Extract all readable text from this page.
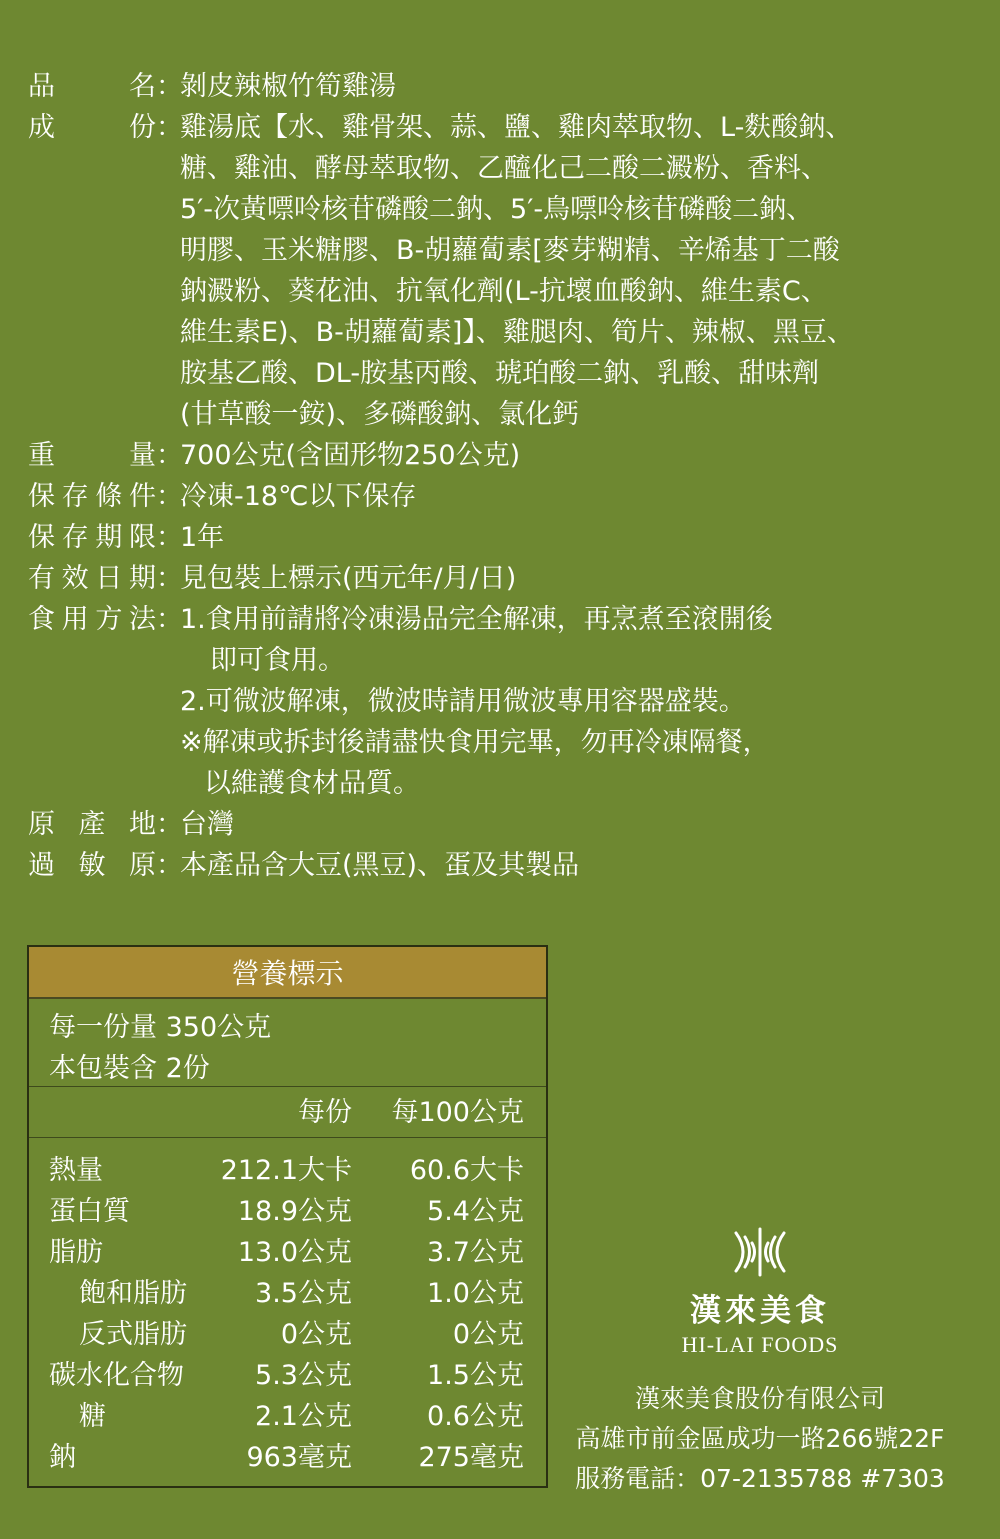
品	名 ：
剝皮辣椒竹筍雞湯
成	份 ：
雞湯底【水、雞骨架、蒜、鹽、雞肉萃取物、L-麩酸鈉、
糖、雞油、酵母萃取物、乙醯化己二酸二澱粉、香料、
5′-次黃嘌呤核苷磷酸二鈉、5′-鳥嘌呤核苷磷酸二鈉、
明膠、玉米糖膠、B-胡蘿蔔素[麥芽糊精、辛烯基丁二酸
鈉澱粉、葵花油、抗氧化劑(L-抗壞血酸鈉、維生素C、
維生素E)、B-胡蘿蔔素]】、雞腿肉、筍片、辣椒、黑豆、
胺基乙酸、DL-胺基丙酸、琥珀酸二鈉、乳酸、甜味劑
(甘草酸一銨)、多磷酸鈉、氯化鈣
重	量 ：
700公克(含固形物250公克)
保 存 條 件 ：
冷凍-18℃以下保存
保 存 期 限 ：
1年
有 效 日 期 ：
見包裝上標示(西元年/月/日)
食 用 方 法 ：
1.食用前請將冷凍湯品完全解凍，再烹煮至滾開後
即可食用。
2.可微波解凍，微波時請用微波專用容器盛裝。
※解凍或拆封後請盡快食用完畢，勿再冷凍隔餐，
以維護食材品質。
原 產 地 ：
台灣
過 敏 原 ：
本產品含大豆(黑豆)、蛋及其製品
營養標示
每一份量 350公克
本包裝含 2份
每份 每100公克
熱量	212.1大卡 60.6大卡
蛋白質	18.9公克	5.4公克
脂肪	13.0公克	3.7公克
飽和脂肪	3.5公克	1.0公克
反式脂肪	0公克	0公克
碳水化合物	5.3公克	1.5公克
糖	2.1公克	0.6公克
鈉	963毫克 275毫克
漢來美食
HI-LAI FOODS
漢來美食股份有限公司
高雄市前金區成功一路266號22F
服務電話：07-2135788 #7303
